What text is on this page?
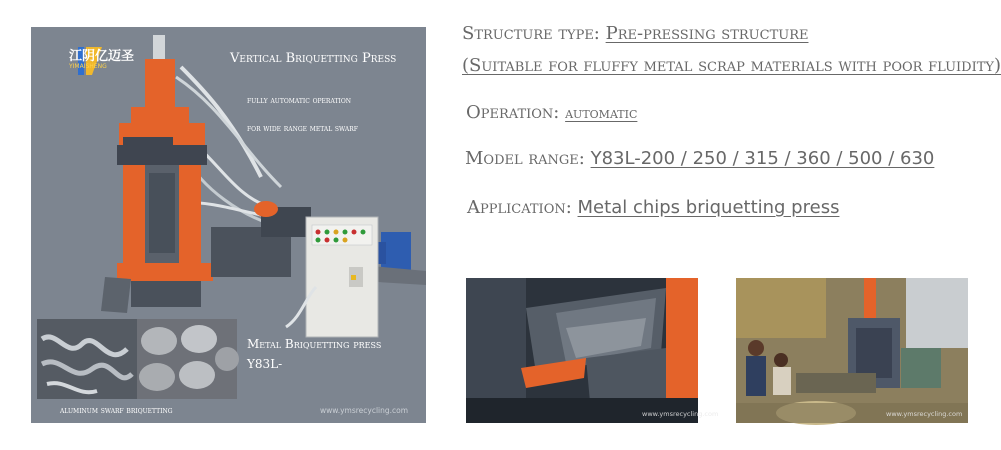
江阴亿迈圣
YIMAISHENG
Vertical Briquetting Press
fully automatic operation
for wide range metal swarf
Metal Briquetting press
Y83L-
aluminum swarf briquetting	www.ymsrecycling.com
Structure type: Pre-pressing structure
(Suitable for fluffy metal scrap materials with poor fluidity)
Operation: automatic
Model range: Y83L-200 / 250 / 315 / 360 / 500 / 630
Application: Metal chips briquetting press
www.ymsrecycling.com	www.ymsrecycling.com
